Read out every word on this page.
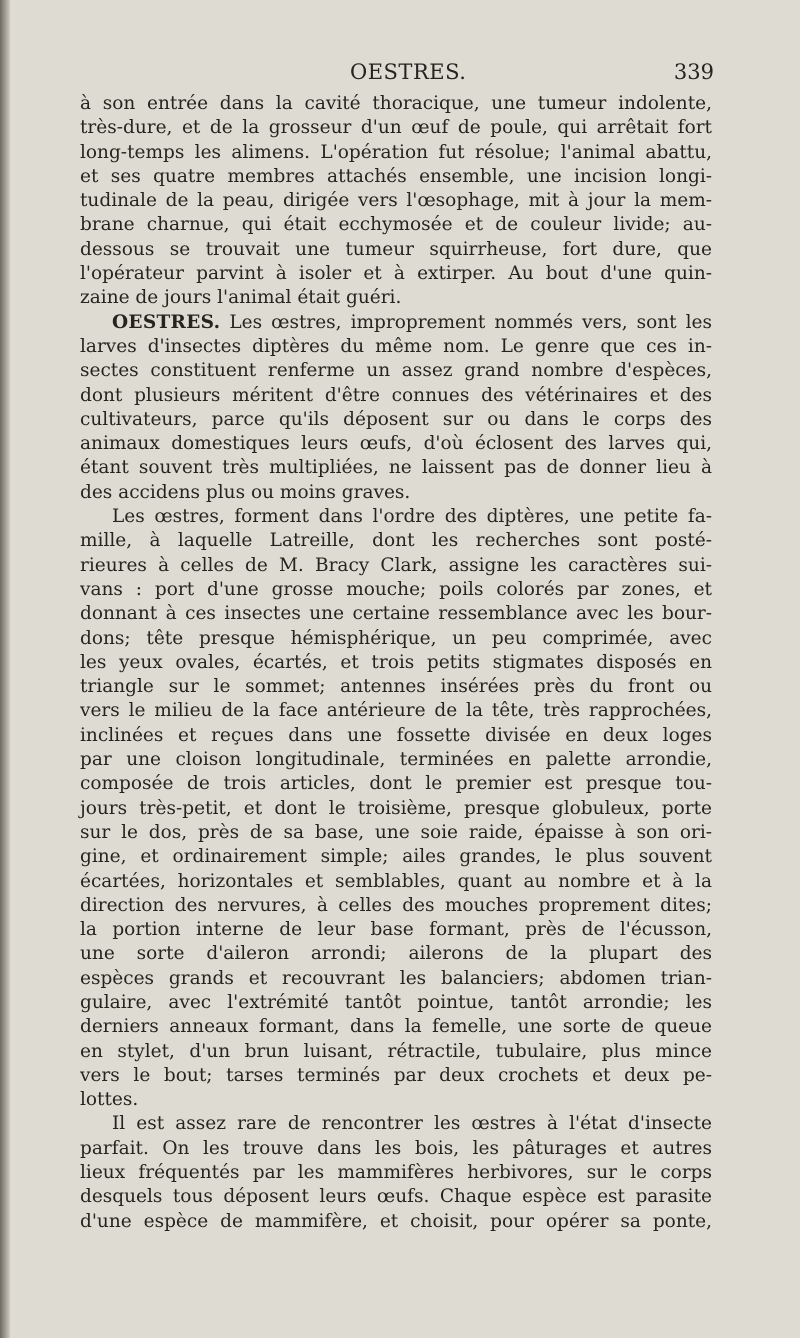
OESTRES.	339
à son entrée dans la cavité thoracique, une tumeur indolente,
très-dure, et de la grosseur d'un œuf de poule, qui arrêtait fort
long-temps les alimens. L'opération fut résolue; l'animal abattu,
et ses quatre membres attachés ensemble, une incision longi-
tudinale de la peau, dirigée vers l'œsophage, mit à jour la mem-
brane charnue, qui était ecchymosée et de couleur livide; au-
dessous se trouvait une tumeur squirrheuse, fort dure, que
l'opérateur parvint à isoler et à extirper. Au bout d'une quin-
zaine de jours l'animal était guéri.
OESTRES. Les œstres, improprement nommés vers, sont les
larves d'insectes diptères du même nom. Le genre que ces in-
sectes constituent renferme un assez grand nombre d'espèces,
dont plusieurs méritent d'être connues des vétérinaires et des
cultivateurs, parce qu'ils déposent sur ou dans le corps des
animaux domestiques leurs œufs, d'où éclosent des larves qui,
étant souvent très multipliées, ne laissent pas de donner lieu à
des accidens plus ou moins graves.
Les œstres, forment dans l'ordre des diptères, une petite fa-
mille, à laquelle Latreille, dont les recherches sont posté-
rieures à celles de M. Bracy Clark, assigne les caractères sui-
vans : port d'une grosse mouche; poils colorés par zones, et
donnant à ces insectes une certaine ressemblance avec les bour-
dons; tête presque hémisphérique, un peu comprimée, avec
les yeux ovales, écartés, et trois petits stigmates disposés en
triangle sur le sommet; antennes insérées près du front ou
vers le milieu de la face antérieure de la tête, très rapprochées,
inclinées et reçues dans une fossette divisée en deux loges
par une cloison longitudinale, terminées en palette arrondie,
composée de trois articles, dont le premier est presque tou-
jours très-petit, et dont le troisième, presque globuleux, porte
sur le dos, près de sa base, une soie raide, épaisse à son ori-
gine, et ordinairement simple; ailes grandes, le plus souvent
écartées, horizontales et semblables, quant au nombre et à la
direction des nervures, à celles des mouches proprement dites;
la portion interne de leur base formant, près de l'écusson,
une sorte d'aileron arrondi; ailerons de la plupart des
espèces grands et recouvrant les balanciers; abdomen trian-
gulaire, avec l'extrémité tantôt pointue, tantôt arrondie; les
derniers anneaux formant, dans la femelle, une sorte de queue
en stylet, d'un brun luisant, rétractile, tubulaire, plus mince
vers le bout; tarses terminés par deux crochets et deux pe-
lottes.
Il est assez rare de rencontrer les œstres à l'état d'insecte
parfait. On les trouve dans les bois, les pâturages et autres
lieux fréquentés par les mammifères herbivores, sur le corps
desquels tous déposent leurs œufs. Chaque espèce est parasite
d'une espèce de mammifère, et choisit, pour opérer sa ponte,
